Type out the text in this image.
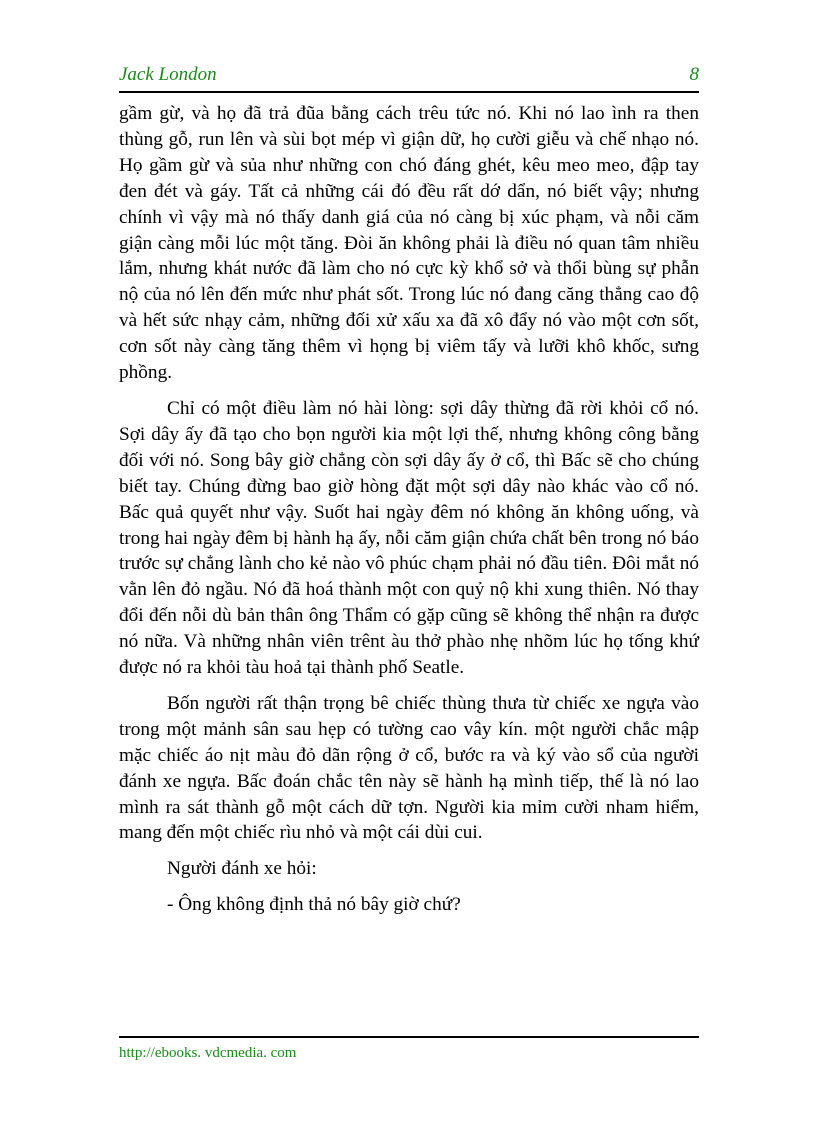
Jack London	8

gầm gừ, và họ đã trả đũa bằng cách trêu tức nó. Khi nó lao ình ra then thùng gỗ, run lên và sùi bọt mép vì giận dữ, họ cười giễu và chế nhạo nó. Họ gầm gừ và sủa như những con chó đáng ghét, kêu meo meo, đập tay đen đét và gáy. Tất cả những cái đó đều rất dớ dẩn, nó biết vậy; nhưng chính vì vậy mà nó thấy danh giá của nó càng bị xúc phạm, và nỗi căm giận càng mỗi lúc một tăng. Đòi ăn không phải là điều nó quan tâm nhiều lắm, nhưng khát nước đã làm cho nó cực kỳ khổ sở và thổi bùng sự phẫn nộ của nó lên đến mức như phát sốt. Trong lúc nó đang căng thẳng cao độ và hết sức nhạy cảm, những đối xử xấu xa đã xô đẩy nó vào một cơn sốt, cơn sốt này càng tăng thêm vì họng bị viêm tấy và lưỡi khô khốc, sưng phồng.

Chỉ có một điều làm nó hài lòng: sợi dây thừng đã rời khỏi cổ nó. Sợi dây ấy đã tạo cho bọn người kia một lợi thế, nhưng không công bằng đối với nó. Song bây giờ chẳng còn sợi dây ấy ở cổ, thì Bấc sẽ cho chúng biết tay. Chúng đừng bao giờ hòng đặt một sợi dây nào khác vào cổ nó. Bấc quả quyết như vậy. Suốt hai ngày đêm nó không ăn không uống, và trong hai ngày đêm bị hành hạ ấy, nỗi căm giận chứa chất bên trong nó báo trước sự chẳng lành cho kẻ nào vô phúc chạm phải nó đầu tiên. Đôi mắt nó vằn lên đỏ ngầu. Nó đã hoá thành một con quỷ nộ khi xung thiên. Nó thay đổi đến nỗi dù bản thân ông Thẩm có gặp cũng sẽ không thể nhận ra được nó nữa. Và những nhân viên trênt àu thở phào nhẹ nhõm lúc họ tống khứ được nó ra khỏi tàu hoả tại thành phố Seatle.

Bốn người rất thận trọng bê chiếc thùng thưa từ chiếc xe ngựa vào trong một mảnh sân sau hẹp có tường cao vây kín. một người chắc mập mặc chiếc áo nịt màu đỏ dãn rộng ở cổ, bước ra và ký vào sổ của người đánh xe ngựa. Bấc đoán chắc tên này sẽ hành hạ mình tiếp, thế là nó lao mình ra sát thành gỗ một cách dữ tợn. Người kia mỉm cười nham hiểm, mang đến một chiếc rìu nhỏ và một cái dùi cui.

Người đánh xe hỏi:

- Ông không định thả nó bây giờ chứ?

http://ebooks. vdcmedia. com
